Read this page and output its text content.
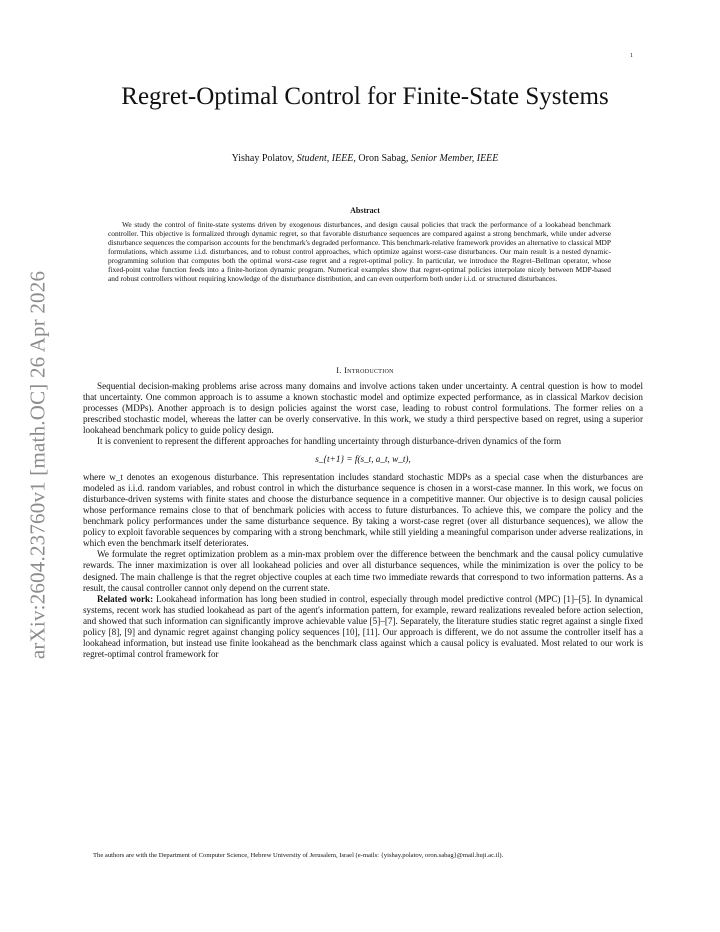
1
arXiv:2604.23760v1 [math.OC] 26 Apr 2026
Regret-Optimal Control for Finite-State Systems
Yishay Polatov, Student, IEEE, Oron Sabag, Senior Member, IEEE
Abstract

We study the control of finite-state systems driven by exogenous disturbances, and design causal policies that track the performance of a lookahead benchmark controller. This objective is formalized through dynamic regret, so that favorable disturbance sequences are compared against a strong benchmark, while under adverse disturbance sequences the comparison accounts for the benchmark's degraded performance. This benchmark-relative framework provides an alternative to classical MDP formulations, which assume i.i.d. disturbances, and to robust control approaches, which optimize against worst-case disturbances. Our main result is a nested dynamic-programming solution that computes both the optimal worst-case regret and a regret-optimal policy. In particular, we introduce the Regret–Bellman operator, whose fixed-point value function feeds into a finite-horizon dynamic program. Numerical examples show that regret-optimal policies interpolate nicely between MDP-based and robust controllers without requiring knowledge of the disturbance distribution, and can even outperform both under i.i.d. or structured disturbances.

I. Introduction

Sequential decision-making problems arise across many domains and involve actions taken under uncertainty. A central question is how to model that uncertainty. One common approach is to assume a known stochastic model and optimize expected performance, as in classical Markov decision processes (MDPs). Another approach is to design policies against the worst case, leading to robust control formulations. The former relies on a prescribed stochastic model, whereas the latter can be overly conservative. In this work, we study a third perspective based on regret, using a superior lookahead benchmark policy to guide policy design.

It is convenient to represent the different approaches for handling uncertainty through disturbance-driven dynamics of the form

s_{t+1} = f(s_t, a_t, w_t),

where w_t denotes an exogenous disturbance. This representation includes standard stochastic MDPs as a special case when the disturbances are modeled as i.i.d. random variables, and robust control in which the disturbance sequence is chosen in a worst-case manner. In this work, we focus on disturbance-driven systems with finite states and choose the disturbance sequence in a competitive manner. Our objective is to design causal policies whose performance remains close to that of benchmark policies with access to future disturbances. To achieve this, we compare the policy and the benchmark policy performances under the same disturbance sequence. By taking a worst-case regret (over all disturbance sequences), we allow the policy to exploit favorable sequences by comparing with a strong benchmark, while still yielding a meaningful comparison under adverse realizations, in which even the benchmark itself deteriorates.

We formulate the regret optimization problem as a min-max problem over the difference between the benchmark and the causal policy cumulative rewards. The inner maximization is over all lookahead policies and over all disturbance sequences, while the minimization is over the policy to be designed. The main challenge is that the regret objective couples at each time two immediate rewards that correspond to two information patterns. As a result, the causal controller cannot only depend on the current state.

Related work: Lookahead information has long been studied in control, especially through model predictive control (MPC) [1]–[5]. In dynamical systems, recent work has studied lookahead as part of the agent's information pattern, for example, reward realizations revealed before action selection, and showed that such information can significantly improve achievable value [5]–[7]. Separately, the literature studies static regret against a single fixed policy [8], [9] and dynamic regret against changing policy sequences [10], [11]. Our approach is different, we do not assume the controller itself has a lookahead information, but instead use finite lookahead as the benchmark class against which a causal policy is evaluated. Most related to our work is regret-optimal control framework for

The authors are with the Department of Computer Science, Hebrew University of Jerusalem, Israel (e-mails: {yishay.polatov, oron.sabag}@mail.huji.ac.il).
